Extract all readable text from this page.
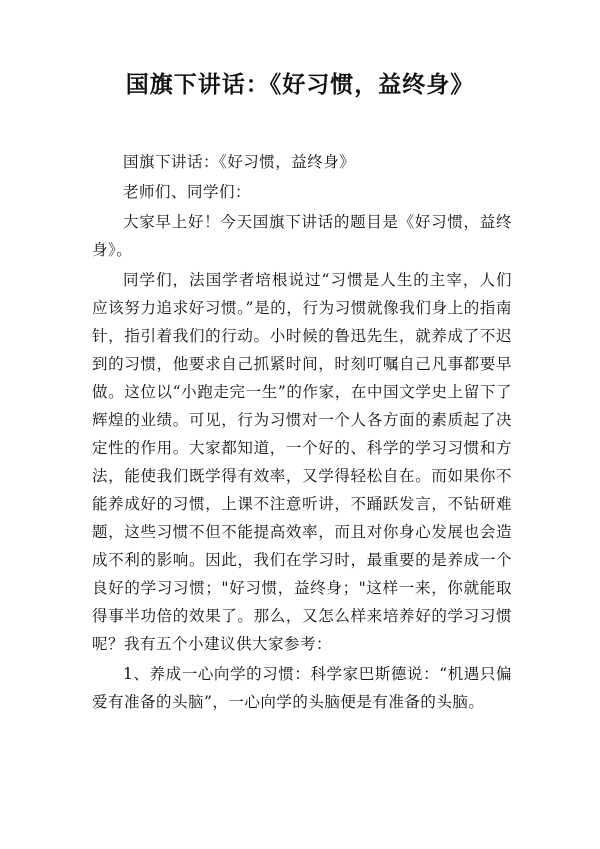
国旗下讲话：《好习惯，益终身》

国旗下讲话：《好习惯，益终身》

老师们、同学们：

大家早上好！今天国旗下讲话的题目是《好习惯，益终身》。

同学们，法国学者培根说过“习惯是人生的主宰，人们应该努力追求好习惯。”是的，行为习惯就像我们身上的指南针，指引着我们的行动。小时候的鲁迅先生，就养成了不迟到的习惯，他要求自己抓紧时间，时刻叮嘱自己凡事都要早做。这位以“小跑走完一生”的作家，在中国文学史上留下了辉煌的业绩。可见，行为习惯对一个人各方面的素质起了决定性的作用。大家都知道，一个好的、科学的学习习惯和方法，能使我们既学得有效率，又学得轻松自在。而如果你不能养成好的习惯，上课不注意听讲，不踊跃发言，不钻研难题，这些习惯不但不能提高效率，而且对你身心发展也会造成不利的影响。因此，我们在学习时，最重要的是养成一个良好的学习习惯；"好习惯，益终身；"这样一来，你就能取得事半功倍的效果了。那么，又怎么样来培养好的学习习惯呢？我有五个小建议供大家参考：

1、养成一心向学的习惯：科学家巴斯德说：“机遇只偏爱有准备的头脑”，一心向学的头脑便是有准备的头脑。
